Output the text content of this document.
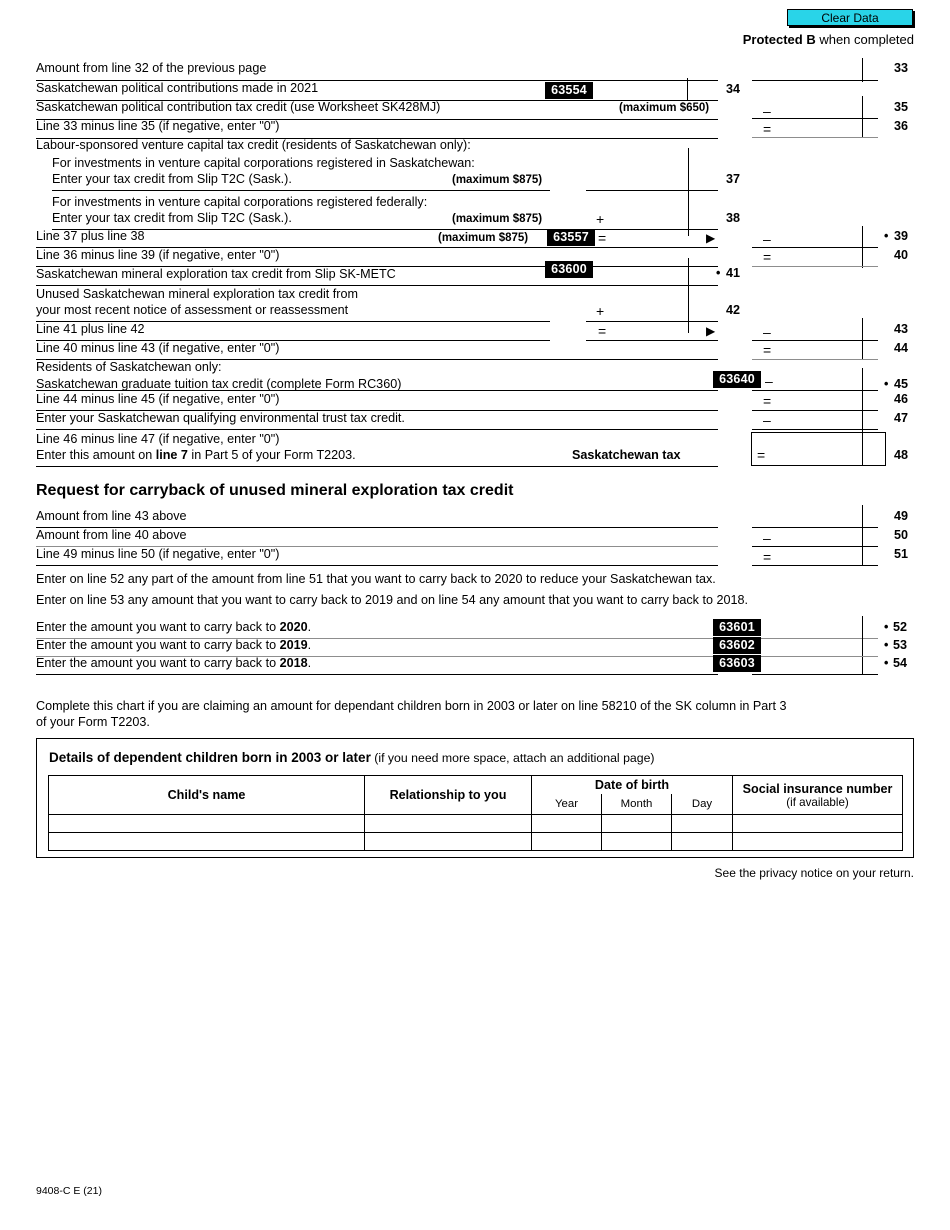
Clear Data
Protected B when completed
Amount from line 32 of the previous page	33
Saskatchewan political contributions made in 2021	63554	34
Saskatchewan political contribution tax credit (use Worksheet SK428MJ)	(maximum $650)	–	35
Line 33 minus line 35 (if negative, enter "0")	=	36
Labour-sponsored venture capital tax credit (residents of Saskatchewan only):
For investments in venture capital corporations registered in Saskatchewan:
Enter your tax credit from Slip T2C (Sask.).	(maximum $875)	37
For investments in venture capital corporations registered federally:
Enter your tax credit from Slip T2C (Sask.).	(maximum $875)	+	38
Line 37 plus line 38	(maximum $875)	63557 =	▶	–	• 39
Line 36 minus line 39 (if negative, enter "0")	=	40
Saskatchewan mineral exploration tax credit from Slip SK-METC	63600	• 41
Unused Saskatchewan mineral exploration tax credit from
your most recent notice of assessment or reassessment	+	42
Line 41 plus line 42	=	▶	–	43
Line 40 minus line 43 (if negative, enter "0")	=	44
Residents of Saskatchewan only:
Saskatchewan graduate tuition tax credit (complete Form RC360)	63640 –	• 45
Line 44 minus line 45 (if negative, enter "0")	=	46
Enter your Saskatchewan qualifying environmental trust tax credit.	–	47
Line 46 minus line 47 (if negative, enter "0")
Enter this amount on line 7 in Part 5 of your Form T2203.	Saskatchewan tax	=	48
Request for carryback of unused mineral exploration tax credit
Amount from line 43 above	49
Amount from line 40 above	–	50
Line 49 minus line 50 (if negative, enter "0")	=	51
Enter on line 52 any part of the amount from line 51 that you want to carry back to 2020 to reduce your Saskatchewan tax.
Enter on line 53 any amount that you want to carry back to 2019 and on line 54 any amount that you want to carry back to 2018.
Enter the amount you want to carry back to 2020.	63601	• 52
Enter the amount you want to carry back to 2019.	63602	• 53
Enter the amount you want to carry back to 2018.	63603	• 54
Complete this chart if you are claiming an amount for dependant children born in 2003 or later on line 58210 of the SK column in Part 3
of your Form T2203.
Details of dependent children born in 2003 or later (if you need more space, attach an additional page)
Child's name	Relationship to you	Date of birth			Social insurance number
(if available)

		Year	Month	Day	

See the privacy notice on your return.
9408-C E (21)
